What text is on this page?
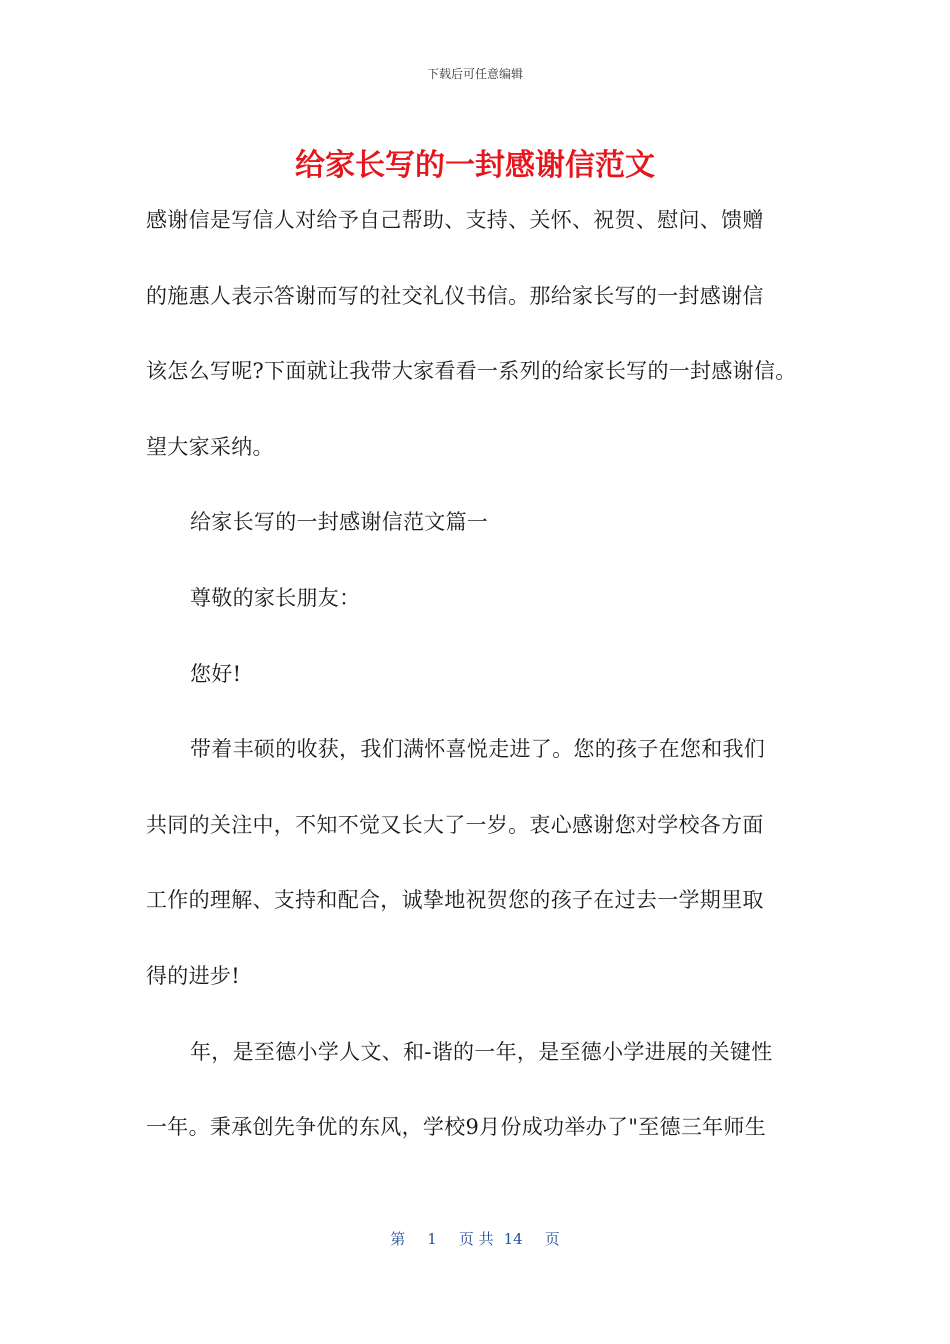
下载后可任意编辑
给家长写的一封感谢信范文
感谢信是写信人对给予自己帮助、支持、关怀、祝贺、慰问、馈赠
的施惠人表示答谢而写的社交礼仪书信。那给家长写的一封感谢信
该怎么写呢?下面就让我带大家看看一系列的给家长写的一封感谢信。
望大家采纳。
给家长写的一封感谢信范文篇一
尊敬的家长朋友：
您好!
带着丰硕的收获，我们满怀喜悦走进了。您的孩子在您和我们
共同的关注中，不知不觉又长大了一岁。衷心感谢您对学校各方面
工作的理解、支持和配合，诚挚地祝贺您的孩子在过去一学期里取
得的进步!
年，是至德小学人文、和-谐的一年，是至德小学进展的关键性
一年。秉承创先争优的东风，学校9月份成功举办了"至德三年师生
第 1 页 共 14 页
